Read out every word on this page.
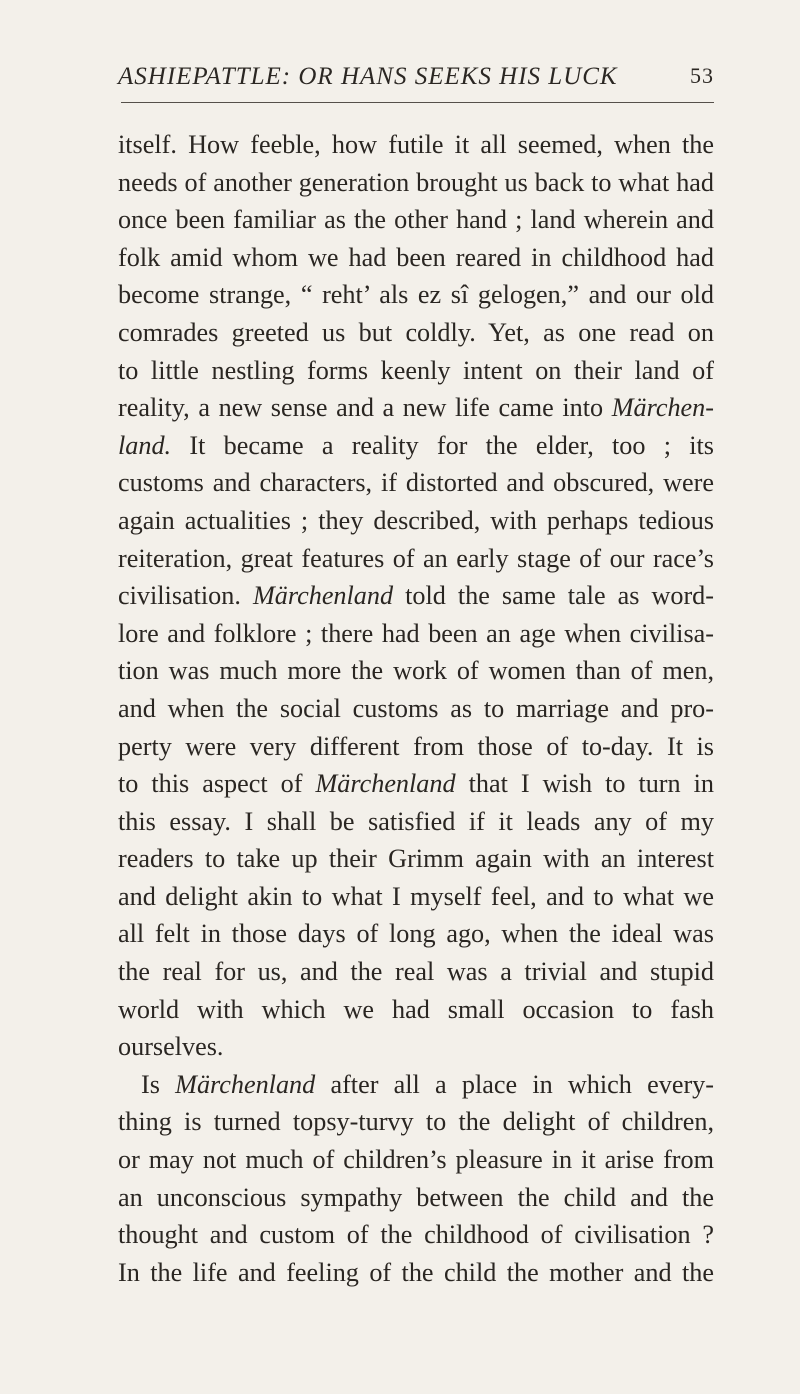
ASHIEPATTLE: OR HANS SEEKS HIS LUCK	53
itself. How feeble, how futile it all seemed, when the
needs of another generation brought us back to what had
once been familiar as the other hand ; land wherein and
folk amid whom we had been reared in childhood had
become strange, “ reht’ als ez sî gelogen,” and our old
comrades greeted us but coldly. Yet, as one read on
to little nestling forms keenly intent on their land of
reality, a new sense and a new life came into Märchen-
land. It became a reality for the elder, too ; its
customs and characters, if distorted and obscured, were
again actualities ; they described, with perhaps tedious
reiteration, great features of an early stage of our race’s
civilisation. Märchenland told the same tale as word-
lore and folklore ; there had been an age when civilisa-
tion was much more the work of women than of men,
and when the social customs as to marriage and pro-
perty were very different from those of to-day. It is
to this aspect of Märchenland that I wish to turn in
this essay. I shall be satisfied if it leads any of my
readers to take up their Grimm again with an interest
and delight akin to what I myself feel, and to what we
all felt in those days of long ago, when the ideal was
the real for us, and the real was a trivial and stupid
world with which we had small occasion to fash
ourselves.
Is Märchenland after all a place in which every-
thing is turned topsy-turvy to the delight of children,
or may not much of children’s pleasure in it arise from
an unconscious sympathy between the child and the
thought and custom of the childhood of civilisation ?
In the life and feeling of the child the mother and the
